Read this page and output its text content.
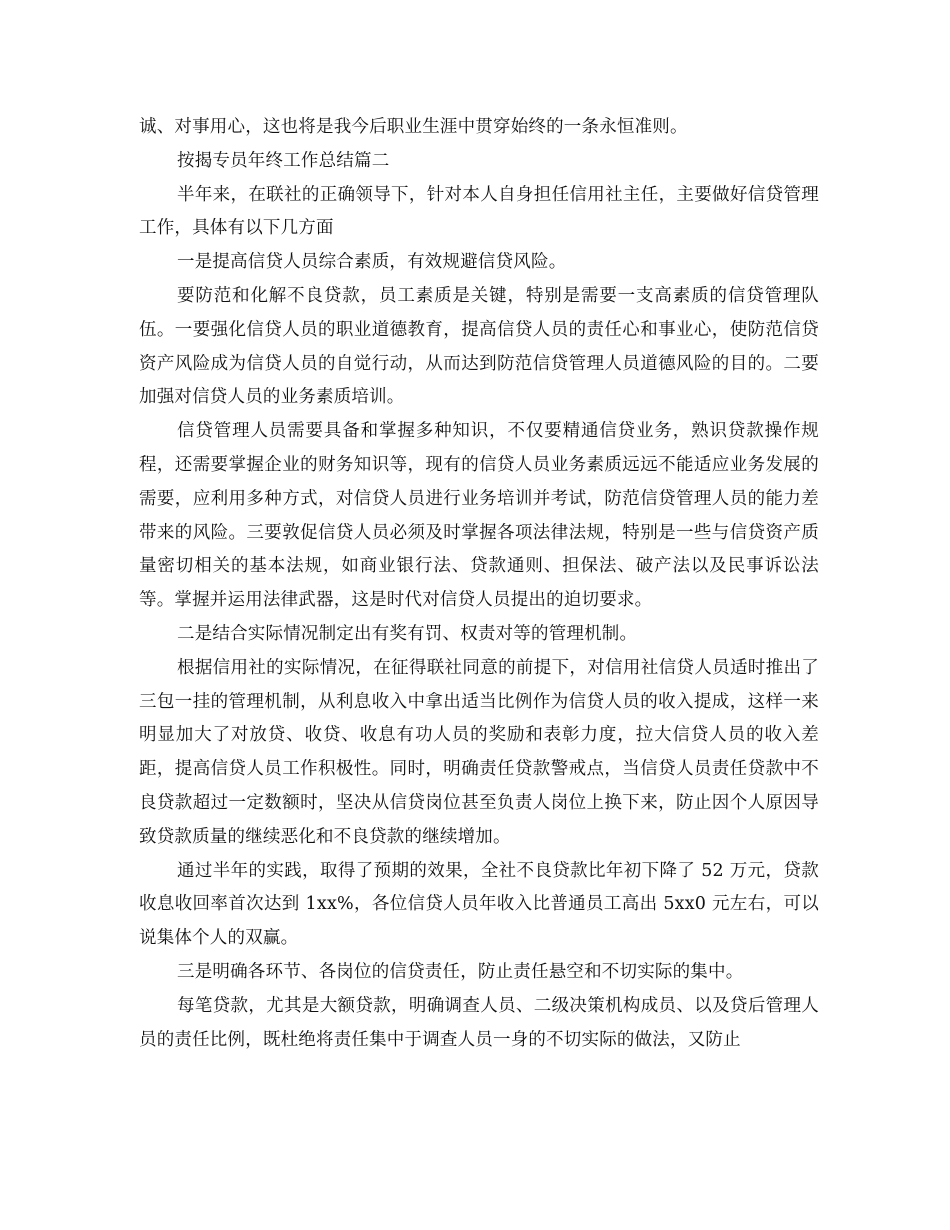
诚、对事用心，这也将是我今后职业生涯中贯穿始终的一条永恒准则。

按揭专员年终工作总结篇二

半年来，在联社的正确领导下，针对本人自身担任信用社主任，主要做好信贷管理工作，具体有以下几方面

一是提高信贷人员综合素质，有效规避信贷风险。

要防范和化解不良贷款，员工素质是关键，特别是需要一支高素质的信贷管理队伍。一要强化信贷人员的职业道德教育，提高信贷人员的责任心和事业心，使防范信贷资产风险成为信贷人员的自觉行动，从而达到防范信贷管理人员道德风险的目的。二要加强对信贷人员的业务素质培训。

信贷管理人员需要具备和掌握多种知识，不仅要精通信贷业务，熟识贷款操作规程，还需要掌握企业的财务知识等，现有的信贷人员业务素质远远不能适应业务发展的需要，应利用多种方式，对信贷人员进行业务培训并考试，防范信贷管理人员的能力差带来的风险。三要敦促信贷人员必须及时掌握各项法律法规，特别是一些与信贷资产质量密切相关的基本法规，如商业银行法、贷款通则、担保法、破产法以及民事诉讼法等。掌握并运用法律武器，这是时代对信贷人员提出的迫切要求。

二是结合实际情况制定出有奖有罚、权责对等的管理机制。

根据信用社的实际情况，在征得联社同意的前提下，对信用社信贷人员适时推出了三包一挂的管理机制，从利息收入中拿出适当比例作为信贷人员的收入提成，这样一来明显加大了对放贷、收贷、收息有功人员的奖励和表彰力度，拉大信贷人员的收入差距，提高信贷人员工作积极性。同时，明确责任贷款警戒点，当信贷人员责任贷款中不良贷款超过一定数额时，坚决从信贷岗位甚至负责人岗位上换下来，防止因个人原因导致贷款质量的继续恶化和不良贷款的继续增加。

通过半年的实践，取得了预期的效果，全社不良贷款比年初下降了 52 万元，贷款收息收回率首次达到 1xx%，各位信贷人员年收入比普通员工高出 5xx0 元左右，可以说集体个人的双赢。

三是明确各环节、各岗位的信贷责任，防止责任悬空和不切实际的集中。

每笔贷款，尤其是大额贷款，明确调查人员、二级决策机构成员、以及贷后管理人员的责任比例，既杜绝将责任集中于调查人员一身的不切实际的做法，又防止
